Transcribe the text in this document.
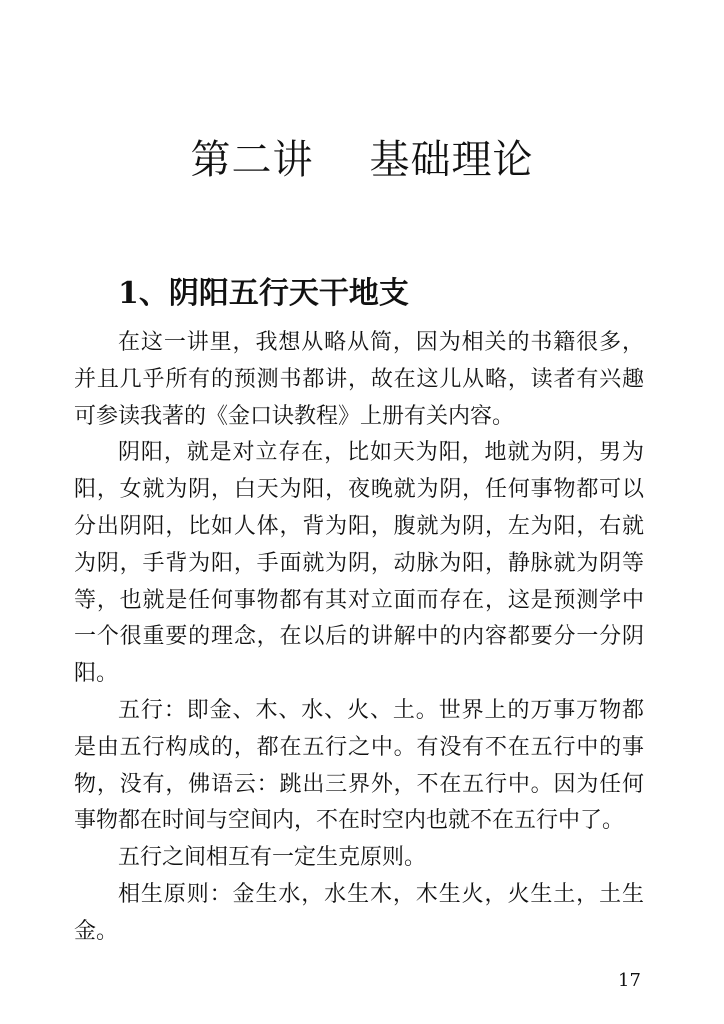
第二讲 基础理论
1、阴阳五行天干地支

在这一讲里，我想从略从简，因为相关的书籍很多，并且几乎所有的预测书都讲，故在这儿从略，读者有兴趣可参读我著的《金口诀教程》上册有关内容。

阴阳，就是对立存在，比如天为阳，地就为阴，男为阳，女就为阴，白天为阳，夜晚就为阴，任何事物都可以分出阴阳，比如人体，背为阳，腹就为阴，左为阳，右就为阴，手背为阳，手面就为阴，动脉为阳，静脉就为阴等等，也就是任何事物都有其对立面而存在，这是预测学中一个很重要的理念，在以后的讲解中的内容都要分一分阴阳。

五行：即金、木、水、火、土。世界上的万事万物都是由五行构成的，都在五行之中。有没有不在五行中的事物，没有，佛语云：跳出三界外，不在五行中。因为任何事物都在时间与空间内，不在时空内也就不在五行中了。

五行之间相互有一定生克原则。

相生原则：金生水，水生木，木生火，火生土，土生金。

17
